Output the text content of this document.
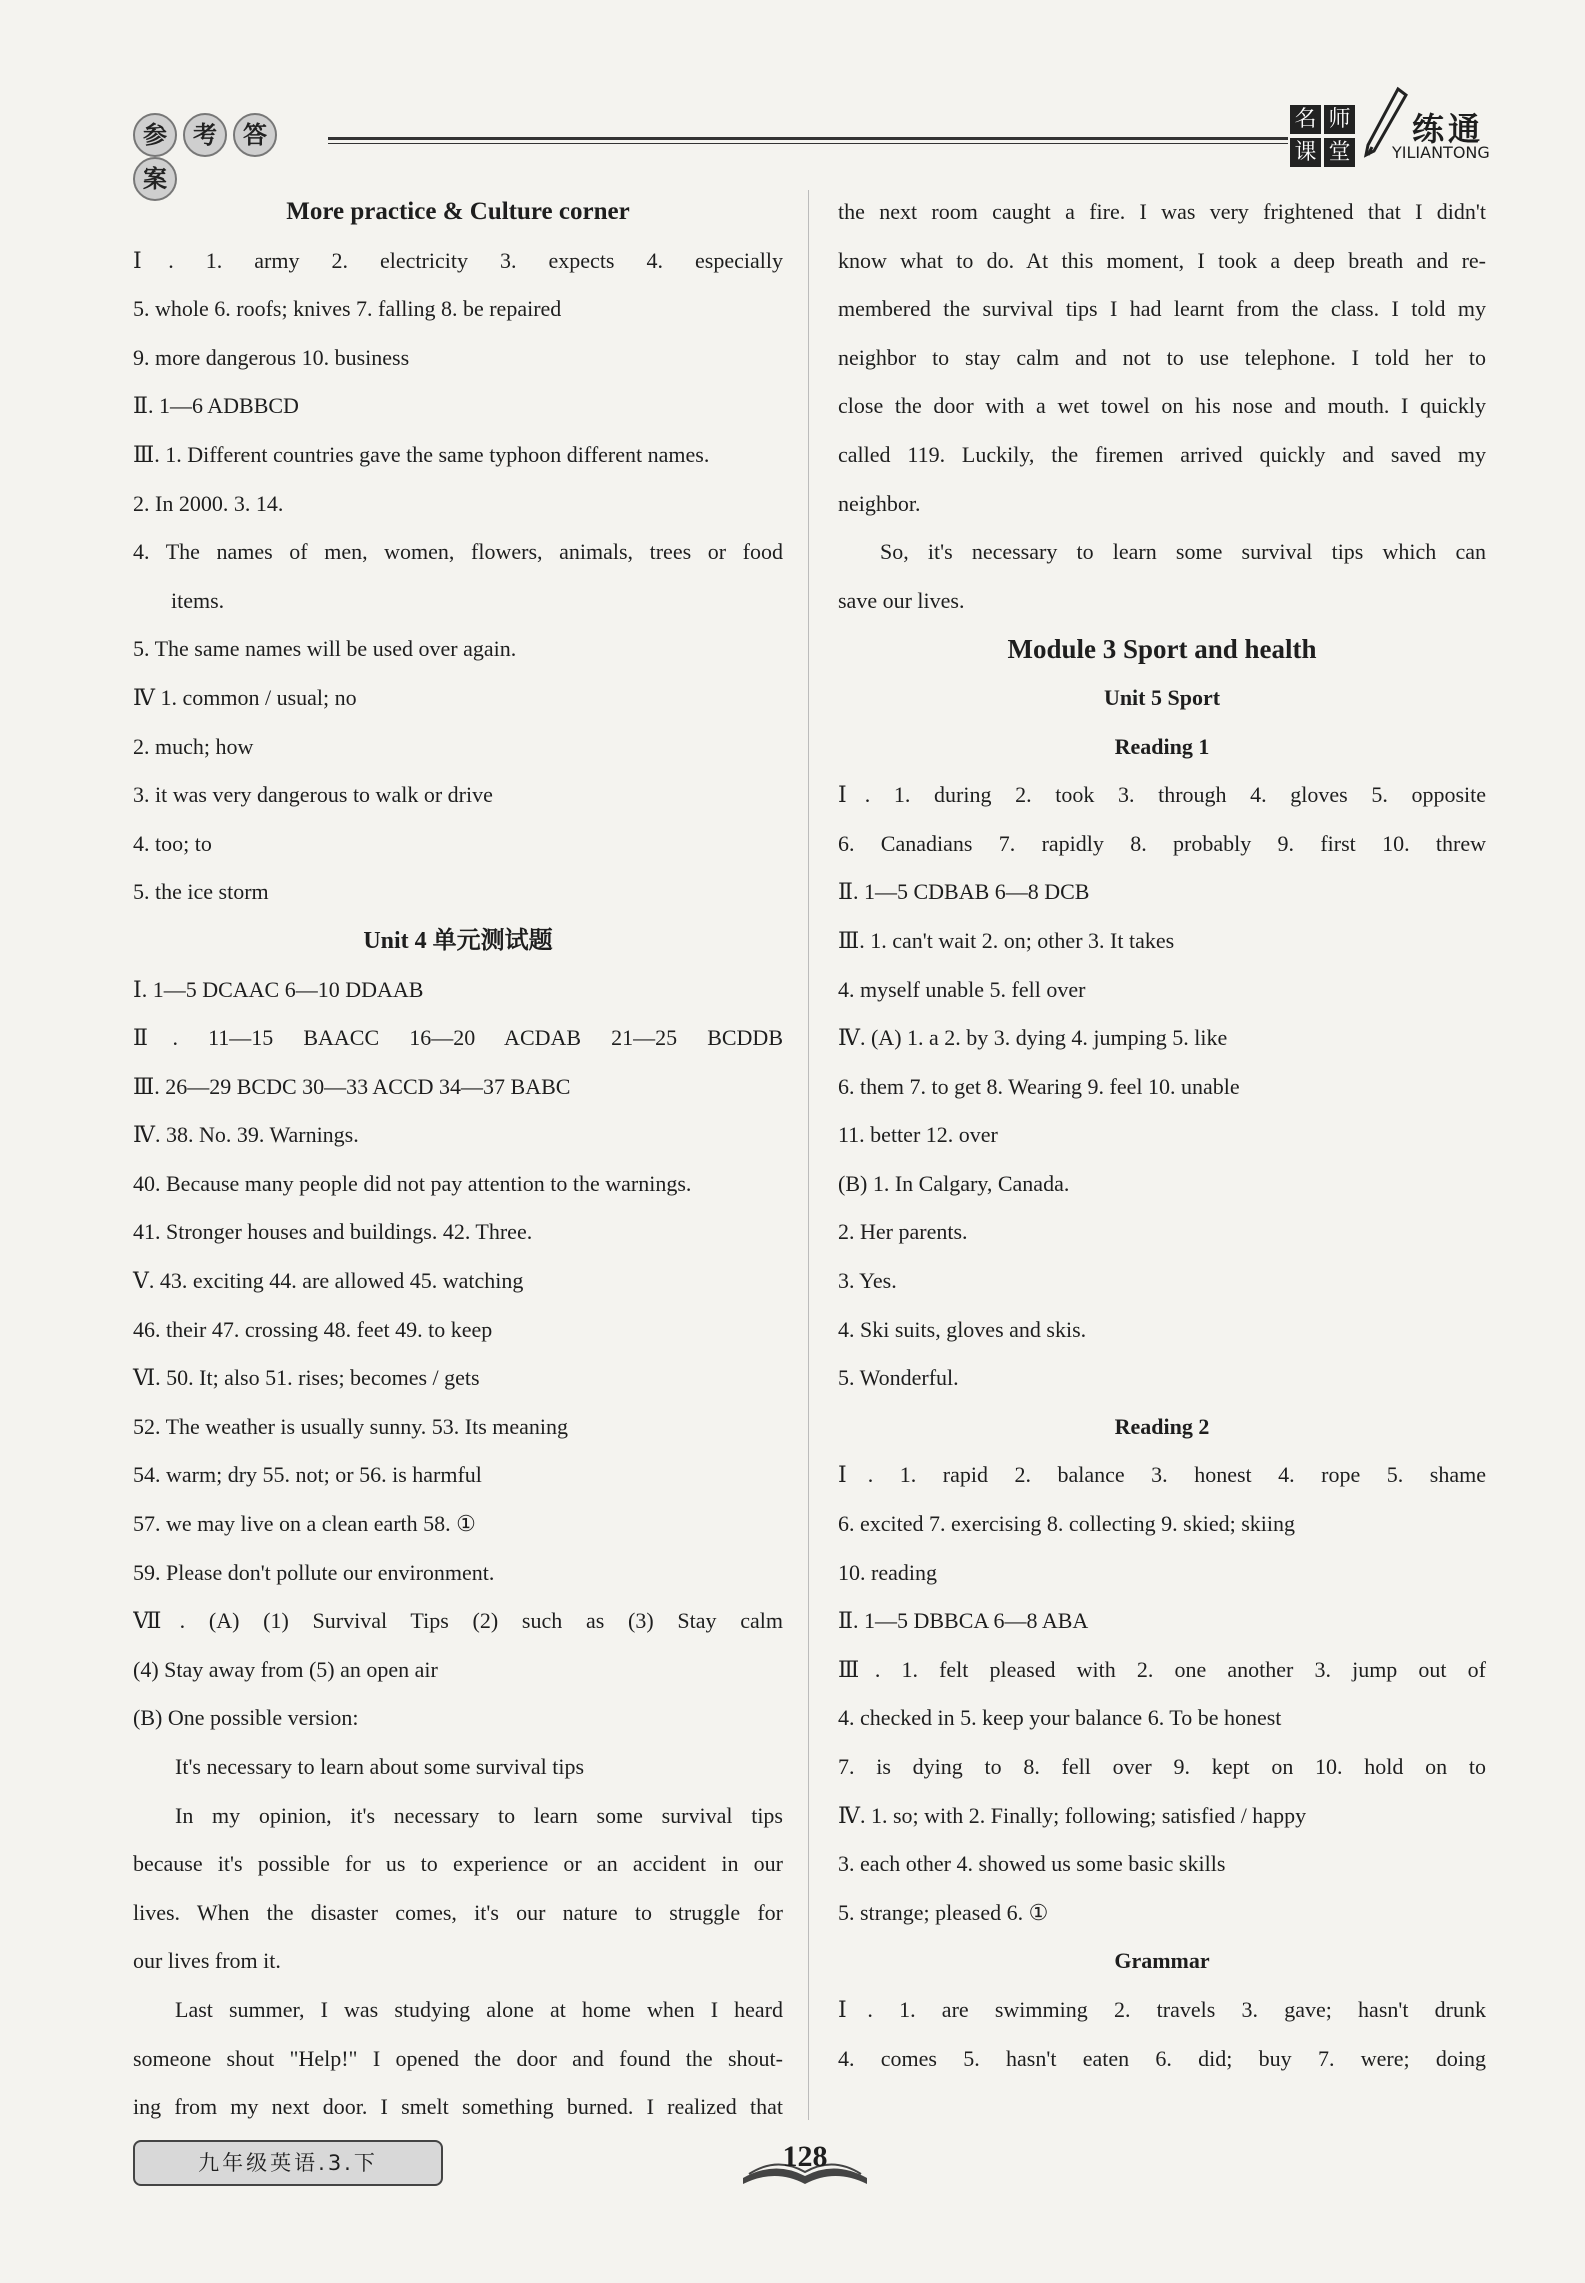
参 考 答案
名 师
课 堂
练通
YILIANTONG
More practice & Culture corner
Ⅰ. 1. army 2. electricity 3. expects 4. especially
5. whole 6. roofs; knives 7. falling 8. be repaired
9. more dangerous 10. business
Ⅱ. 1—6 ADBBCD
Ⅲ. 1. Different countries gave the same typhoon different names.
2. In 2000. 3. 14.
4. The names of men, women, flowers, animals, trees or food
items.
5. The same names will be used over again.
Ⅳ 1. common / usual; no
2. much; how
3. it was very dangerous to walk or drive
4. too; to
5. the ice storm
Unit 4 单元测试题
Ⅰ. 1—5 DCAAC 6—10 DDAAB
Ⅱ. 11—15 BAACC 16—20 ACDAB 21—25 BCDDB
Ⅲ. 26—29 BCDC 30—33 ACCD 34—37 BABC
Ⅳ. 38. No. 39. Warnings.
40. Because many people did not pay attention to the warnings.
41. Stronger houses and buildings. 42. Three.
Ⅴ. 43. exciting 44. are allowed 45. watching
46. their 47. crossing 48. feet 49. to keep
Ⅵ. 50. It; also 51. rises; becomes / gets
52. The weather is usually sunny. 53. Its meaning
54. warm; dry 55. not; or 56. is harmful
57. we may live on a clean earth 58. ①
59. Please don't pollute our environment.
Ⅶ. (A) (1) Survival Tips (2) such as (3) Stay calm
(4) Stay away from (5) an open air
(B) One possible version:
It's necessary to learn about some survival tips
In my opinion, it's necessary to learn some survival tips
because it's possible for us to experience or an accident in our
lives. When the disaster comes, it's our nature to struggle for
our lives from it.
Last summer, I was studying alone at home when I heard
someone shout "Help!" I opened the door and found the shout-
ing from my next door. I smelt something burned. I realized that
the next room caught a fire. I was very frightened that I didn't
know what to do. At this moment, I took a deep breath and re-
membered the survival tips I had learnt from the class. I told my
neighbor to stay calm and not to use telephone. I told her to
close the door with a wet towel on his nose and mouth. I quickly
called 119. Luckily, the firemen arrived quickly and saved my
neighbor.
So, it's necessary to learn some survival tips which can
save our lives.
Module 3 Sport and health
Unit 5 Sport
Reading 1
Ⅰ. 1. during 2. took 3. through 4. gloves 5. opposite
6. Canadians 7. rapidly 8. probably 9. first 10. threw
Ⅱ. 1—5 CDBAB 6—8 DCB
Ⅲ. 1. can't wait 2. on; other 3. It takes
4. myself unable 5. fell over
Ⅳ. (A) 1. a 2. by 3. dying 4. jumping 5. like
6. them 7. to get 8. Wearing 9. feel 10. unable
11. better 12. over
(B) 1. In Calgary, Canada.
2. Her parents.
3. Yes.
4. Ski suits, gloves and skis.
5. Wonderful.
Reading 2
Ⅰ. 1. rapid 2. balance 3. honest 4. rope 5. shame
6. excited 7. exercising 8. collecting 9. skied; skiing
10. reading
Ⅱ. 1—5 DBBCA 6—8 ABA
Ⅲ. 1. felt pleased with 2. one another 3. jump out of
4. checked in 5. keep your balance 6. To be honest
7. is dying to 8. fell over 9. kept on 10. hold on to
Ⅳ. 1. so; with 2. Finally; following; satisfied / happy
3. each other 4. showed us some basic skills
5. strange; pleased 6. ①
Grammar
Ⅰ. 1. are swimming 2. travels 3. gave; hasn't drunk
4. comes 5. hasn't eaten 6. did; buy 7. were; doing
九年级英语.3.下	128
